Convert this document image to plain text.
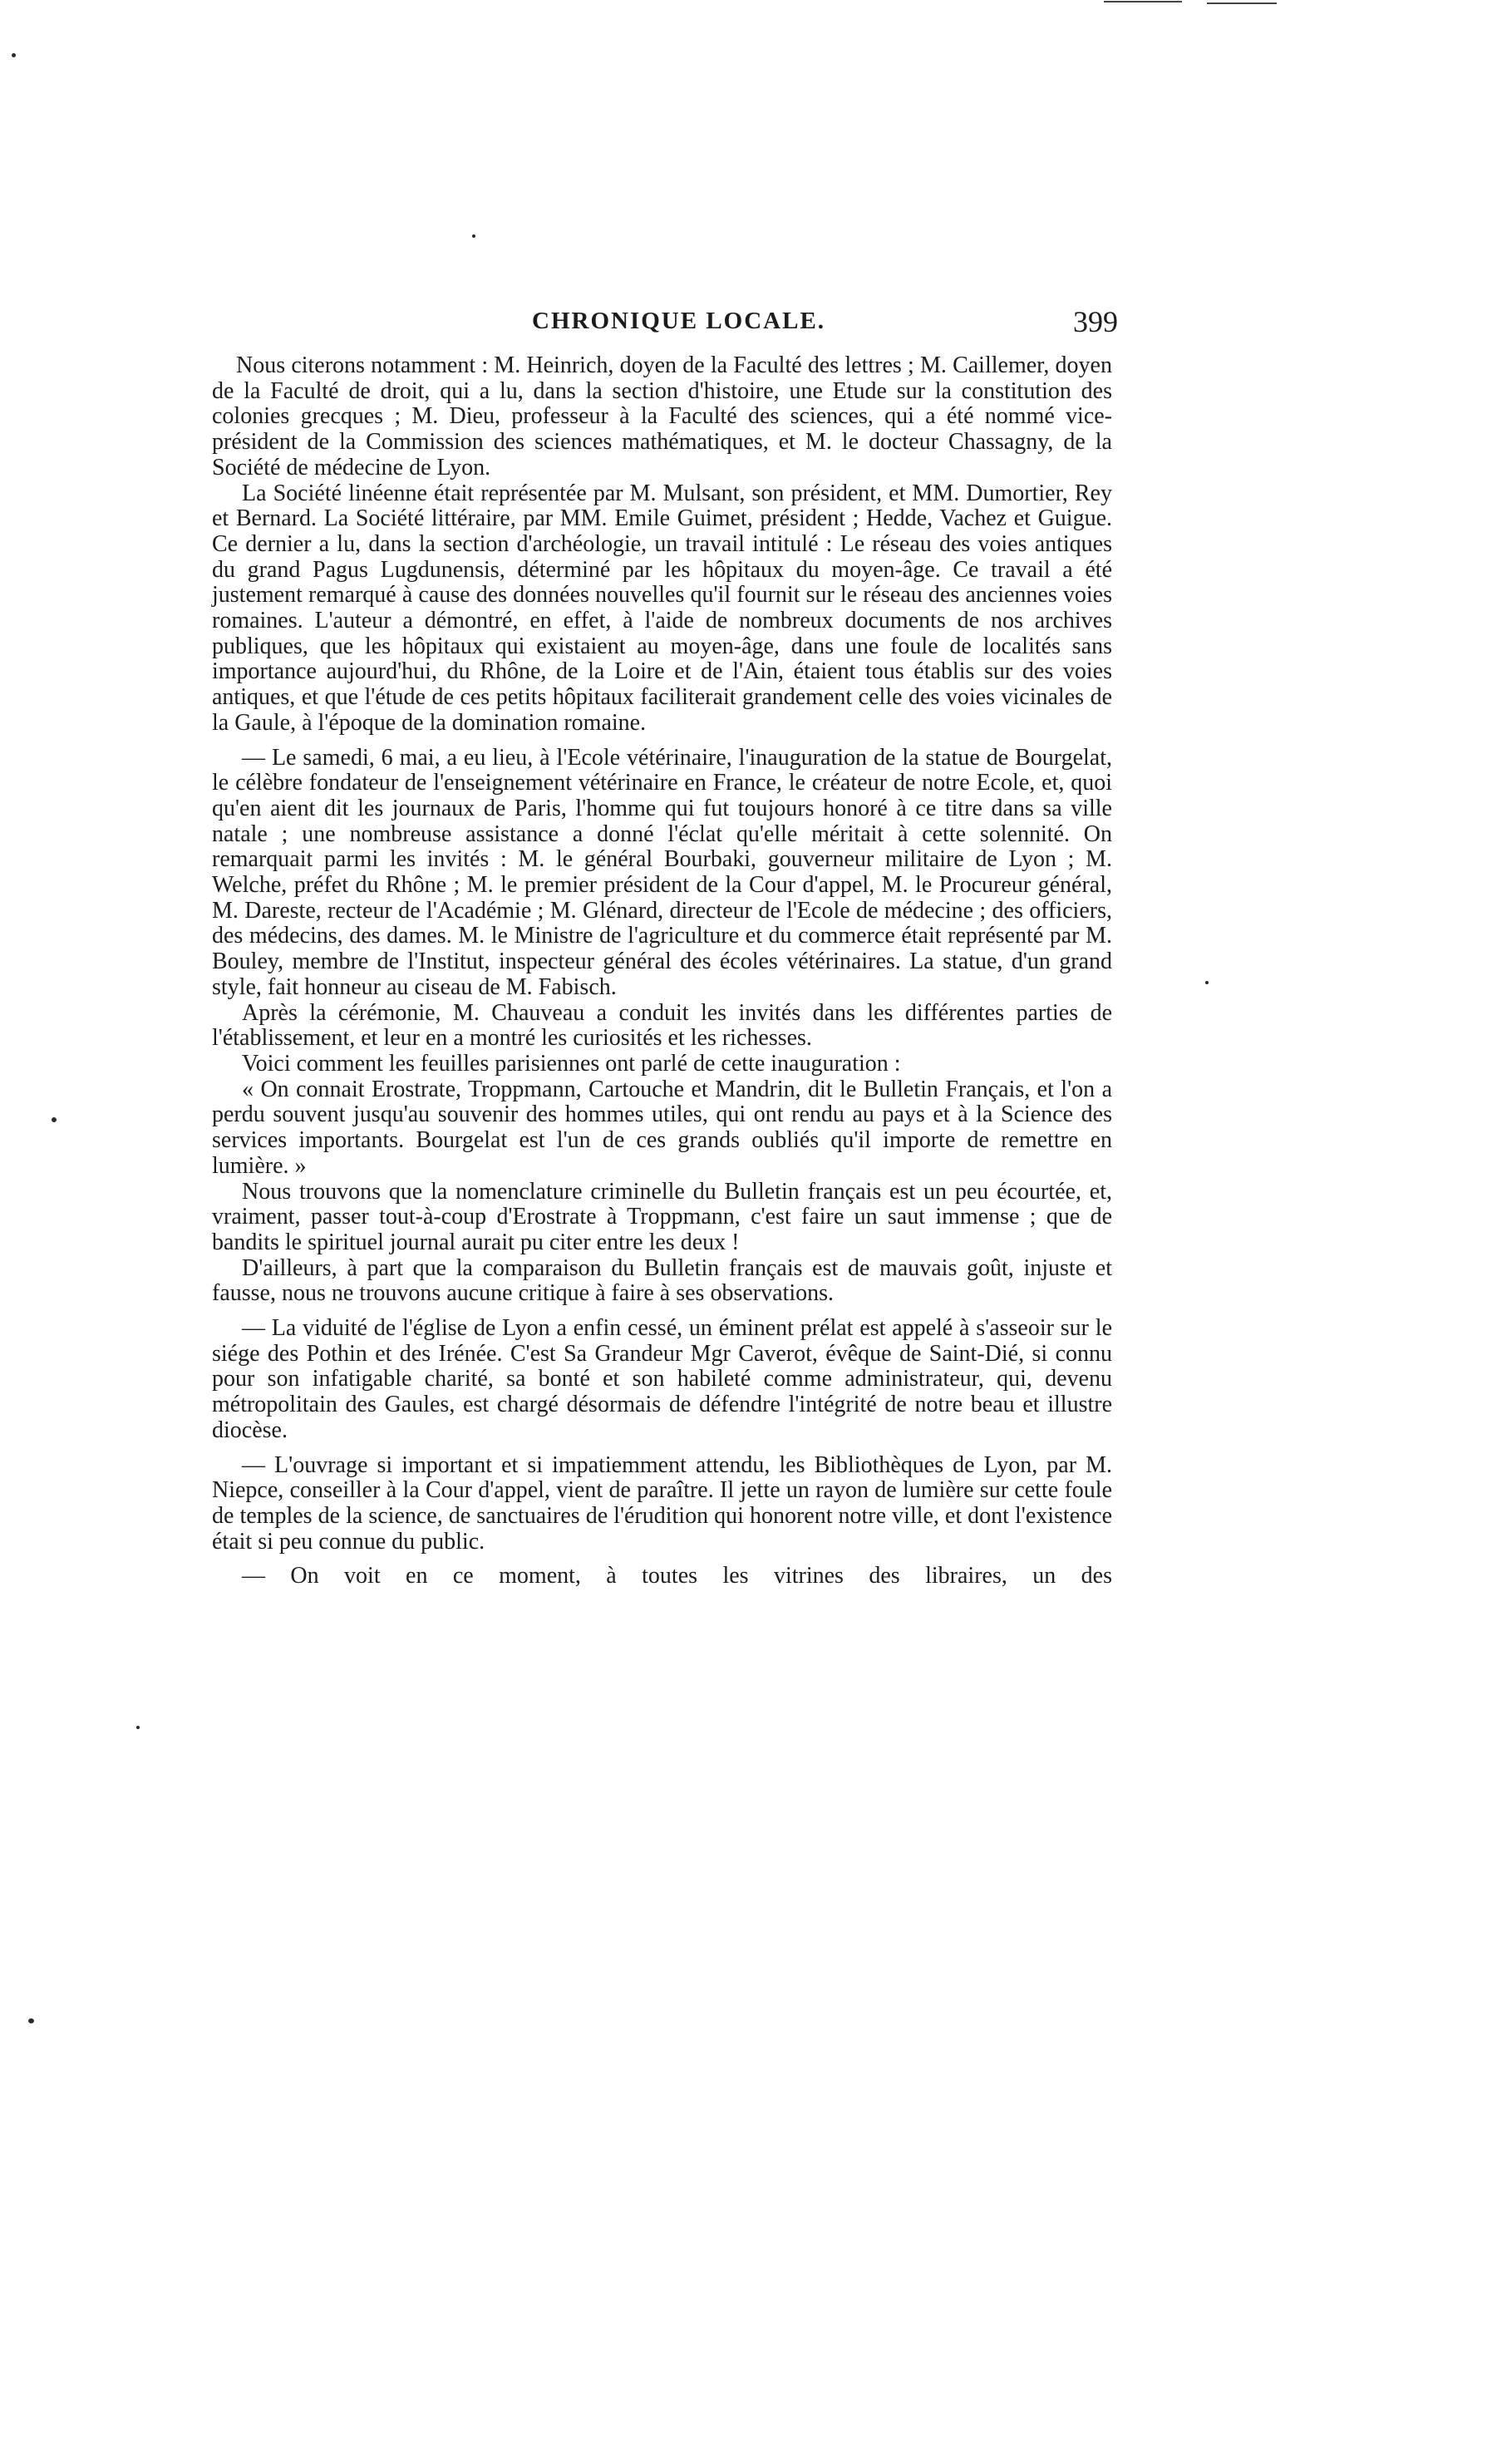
CHRONIQUE LOCALE.	399

Nous citerons notamment : M. Heinrich, doyen de la Faculté des lettres ; M. Caillemer, doyen de la Faculté de droit, qui a lu, dans la section d'histoire, une Etude sur la constitution des colonies grecques ; M. Dieu, professeur à la Faculté des sciences, qui a été nommé vice-président de la Commission des sciences mathématiques, et M. le docteur Chassagny, de la Société de médecine de Lyon.

La Société linéenne était représentée par M. Mulsant, son président, et MM. Dumortier, Rey et Bernard. La Société littéraire, par MM. Emile Guimet, président ; Hedde, Vachez et Guigue. Ce dernier a lu, dans la section d'archéologie, un travail intitulé : Le réseau des voies antiques du grand Pagus Lugdunensis, déterminé par les hôpitaux du moyen-âge. Ce travail a été justement remarqué à cause des données nouvelles qu'il fournit sur le réseau des anciennes voies romaines. L'auteur a démontré, en effet, à l'aide de nombreux documents de nos archives publiques, que les hôpitaux qui existaient au moyen-âge, dans une foule de localités sans importance aujourd'hui, du Rhône, de la Loire et de l'Ain, étaient tous établis sur des voies antiques, et que l'étude de ces petits hôpitaux faciliterait grandement celle des voies vicinales de la Gaule, à l'époque de la domination romaine.

— Le samedi, 6 mai, a eu lieu, à l'Ecole vétérinaire, l'inauguration de la statue de Bourgelat, le célèbre fondateur de l'enseignement vétérinaire en France, le créateur de notre Ecole, et, quoi qu'en aient dit les journaux de Paris, l'homme qui fut toujours honoré à ce titre dans sa ville natale ; une nombreuse assistance a donné l'éclat qu'elle méritait à cette solennité. On remarquait parmi les invités : M. le général Bourbaki, gouverneur militaire de Lyon ; M. Welche, préfet du Rhône ; M. le premier président de la Cour d'appel, M. le Procureur général, M. Dareste, recteur de l'Académie ; M. Glénard, directeur de l'Ecole de médecine ; des officiers, des médecins, des dames. M. le Ministre de l'agriculture et du commerce était représenté par M. Bouley, membre de l'Institut, inspecteur général des écoles vétérinaires. La statue, d'un grand style, fait honneur au ciseau de M. Fabisch.

Après la cérémonie, M. Chauveau a conduit les invités dans les différentes parties de l'établissement, et leur en a montré les curiosités et les richesses.

Voici comment les feuilles parisiennes ont parlé de cette inauguration :

« On connait Erostrate, Troppmann, Cartouche et Mandrin, dit le Bulletin Français, et l'on a perdu souvent jusqu'au souvenir des hommes utiles, qui ont rendu au pays et à la Science des services importants. Bourgelat est l'un de ces grands oubliés qu'il importe de remettre en lumière. »

Nous trouvons que la nomenclature criminelle du Bulletin français est un peu écourtée, et, vraiment, passer tout-à-coup d'Erostrate à Troppmann, c'est faire un saut immense ; que de bandits le spirituel journal aurait pu citer entre les deux !

D'ailleurs, à part que la comparaison du Bulletin français est de mauvais goût, injuste et fausse, nous ne trouvons aucune critique à faire à ses observations.

— La viduité de l'église de Lyon a enfin cessé, un éminent prélat est appelé à s'asseoir sur le siége des Pothin et des Irénée. C'est Sa Grandeur Mgr Caverot, évêque de Saint-Dié, si connu pour son infatigable charité, sa bonté et son habileté comme administrateur, qui, devenu métropolitain des Gaules, est chargé désormais de défendre l'intégrité de notre beau et illustre diocèse.

— L'ouvrage si important et si impatiemment attendu, les Bibliothèques de Lyon, par M. Niepce, conseiller à la Cour d'appel, vient de paraître. Il jette un rayon de lumière sur cette foule de temples de la science, de sanctuaires de l'érudition qui honorent notre ville, et dont l'existence était si peu connue du public.

— On voit en ce moment, à toutes les vitrines des libraires, un des
